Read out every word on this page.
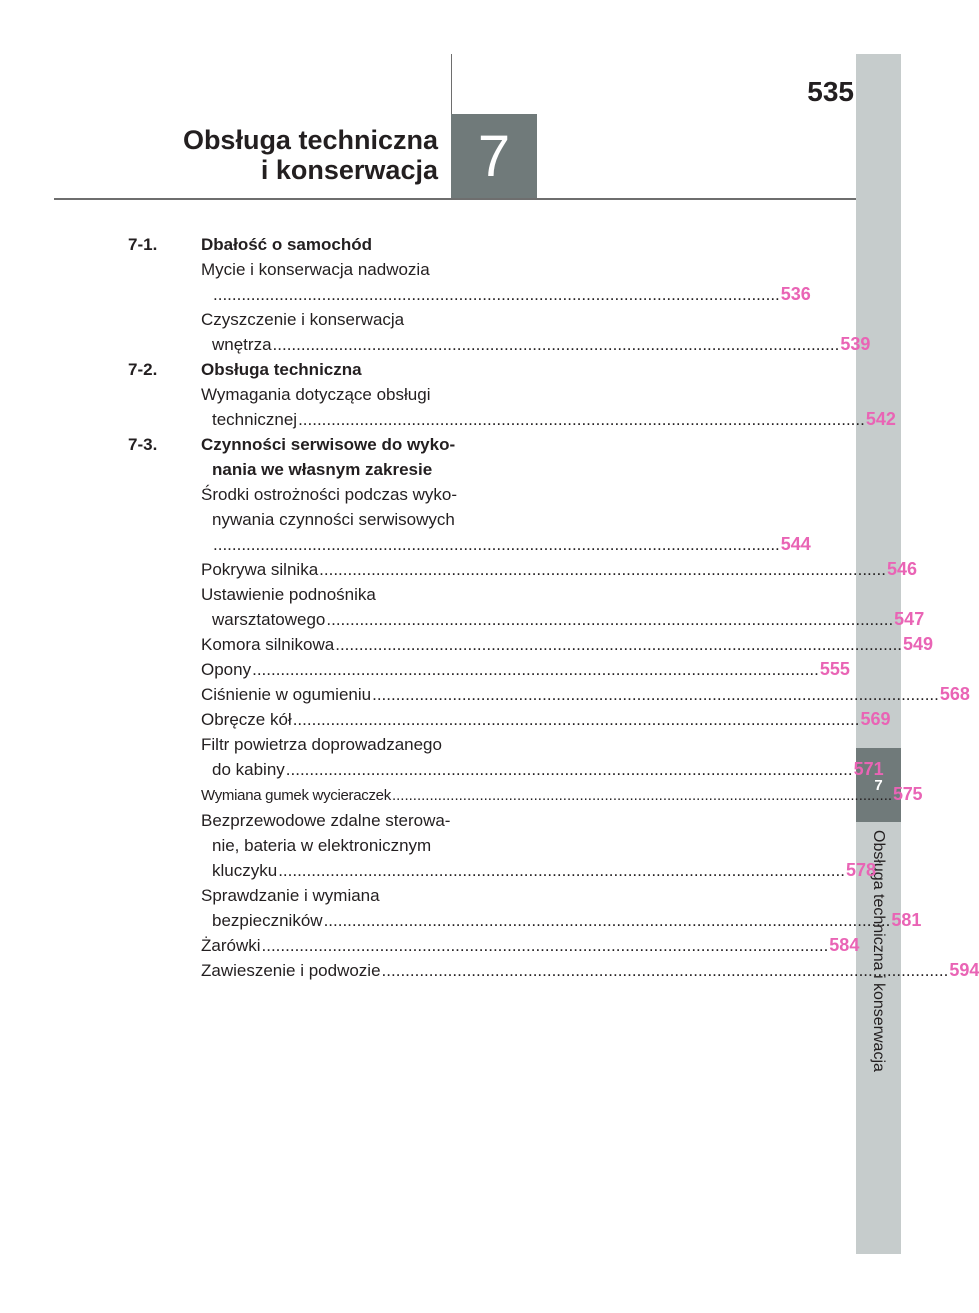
7
Obsługa techniczna i konserwacja
7
535
Obsługa techniczna
i konserwacja
7-1.	Dbałość o samochód
Mycie i konserwacja nadwozia
.....536
Czyszczenie i konserwacja
wnętrza .....	539
7-2.	Obsługa techniczna
Wymagania dotyczące obsługi
technicznej .....	542
7-3.	Czynności serwisowe do wyko-
nania we własnym zakresie
Środki ostrożności podczas wyko-
nywania czynności serwisowych
.....544
Pokrywa silnika .....	546
Ustawienie podnośnika
warsztatowego .....	547
Komora silnikowa .....	549
Opony .....	555
Ciśnienie w ogumieniu .....	568
Obręcze kół .....	569
Filtr powietrza doprowadzanego
do kabiny .....	571
Wymiana gumek wycieraczek .....	575
Bezprzewodowe zdalne sterowa-
nie, bateria w elektronicznym
kluczyku .....	578
Sprawdzanie i wymiana
bezpieczników .....	581
Żarówki .....	584
Zawieszenie i podwozie .....	594
